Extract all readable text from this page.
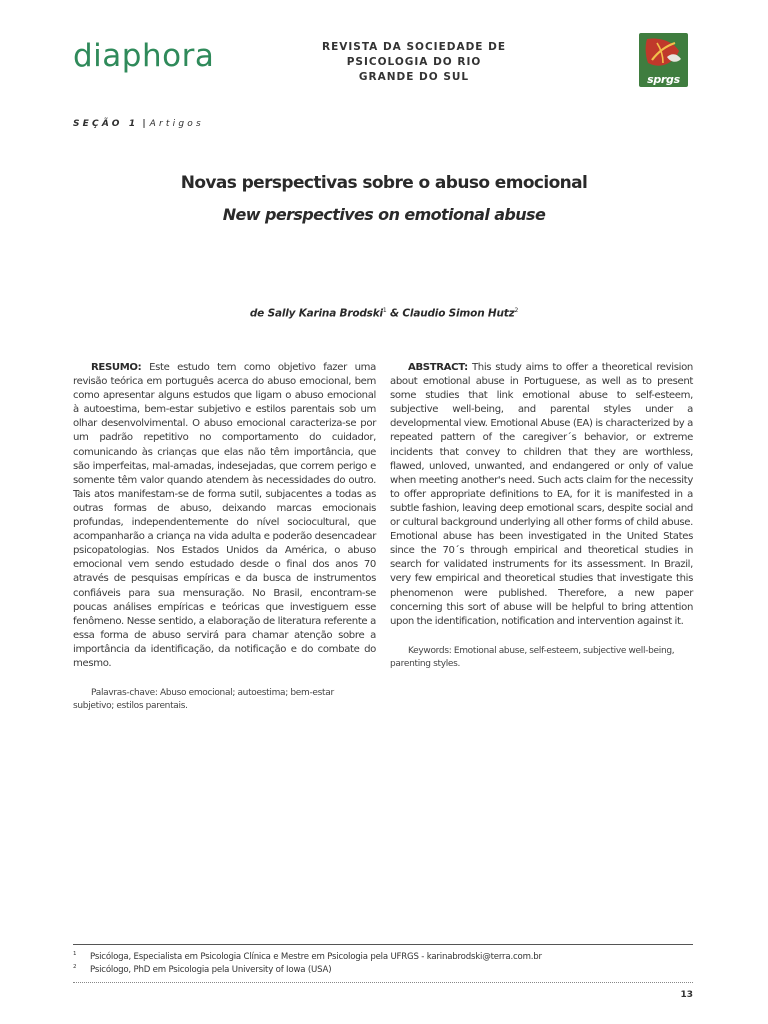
diaphora	REVISTA DA SOCIEDADE DE
PSICOLOGIA DO RIO
GRANDE DO SUL	sprgs
SEÇÃO 1 | Artigos
Novas perspectivas sobre o abuso emocional
New perspectives on emotional abuse
de Sally Karina Brodski$^1$ & Claudio Simon Hutz$^2$

RESUMO: Este estudo tem como objetivo fazer uma revisão teórica em português acerca do abuso emocional, bem como apresentar alguns estudos que ligam o abuso emocional à autoestima, bem-estar subjetivo e estilos parentais sob um olhar desenvolvimental. O abuso emocional caracteriza-se por um padrão repetitivo no comportamento do cuidador, comunicando às crianças que elas não têm importância, que são imperfeitas, mal-amadas, indesejadas, que correm perigo e somente têm valor quando atendem às necessidades do outro. Tais atos manifestam-se de forma sutil, subjacentes a todas as outras formas de abuso, deixando marcas emocionais profundas, independentemente do nível sociocultural, que acompanharão a criança na vida adulta e poderão desencadear psicopatologias. Nos Estados Unidos da América, o abuso emocional vem sendo estudado desde o final dos anos 70 através de pesquisas empíricas e da busca de instrumentos confiáveis para sua mensuração. No Brasil, encontram-se poucas análises empíricas e teóricas que investiguem esse fenômeno. Nesse sentido, a elaboração de literatura referente a essa forma de abuso servirá para chamar atenção sobre a importância da identificação, da notificação e do combate do mesmo.

Palavras-chave: Abuso emocional; autoestima; bem-estar subjetivo; estilos parentais.

ABSTRACT: This study aims to offer a theoretical revision about emotional abuse in Portuguese, as well as to present some studies that link emotional abuse to self-esteem, subjective well-being, and parental styles under a developmental view. Emotional Abuse (EA) is characterized by a repeated pattern of the caregiver´s behavior, or extreme incidents that convey to children that they are worthless, flawed, unloved, unwanted, and endangered or only of value when meeting another's need. Such acts claim for the necessity to offer appropriate definitions to EA, for it is manifested in a subtle fashion, leaving deep emotional scars, despite social and or cultural background underlying all other forms of child abuse. Emotional abuse has been investigated in the United States since the 70´s through empirical and theoretical studies in search for validated instruments for its assessment. In Brazil, very few empirical and theoretical studies that investigate this phenomenon were published. Therefore, a new paper concerning this sort of abuse will be helpful to bring attention upon the identification, notification and intervention against it.

Keywords: Emotional abuse, self-esteem, subjective well-being, parenting styles.

1 Psicóloga, Especialista em Psicologia Clínica e Mestre em Psicologia pela UFRGS - karinabrodski@terra.com.br
2 Psicólogo, PhD em Psicologia pela University of Iowa (USA)
13
